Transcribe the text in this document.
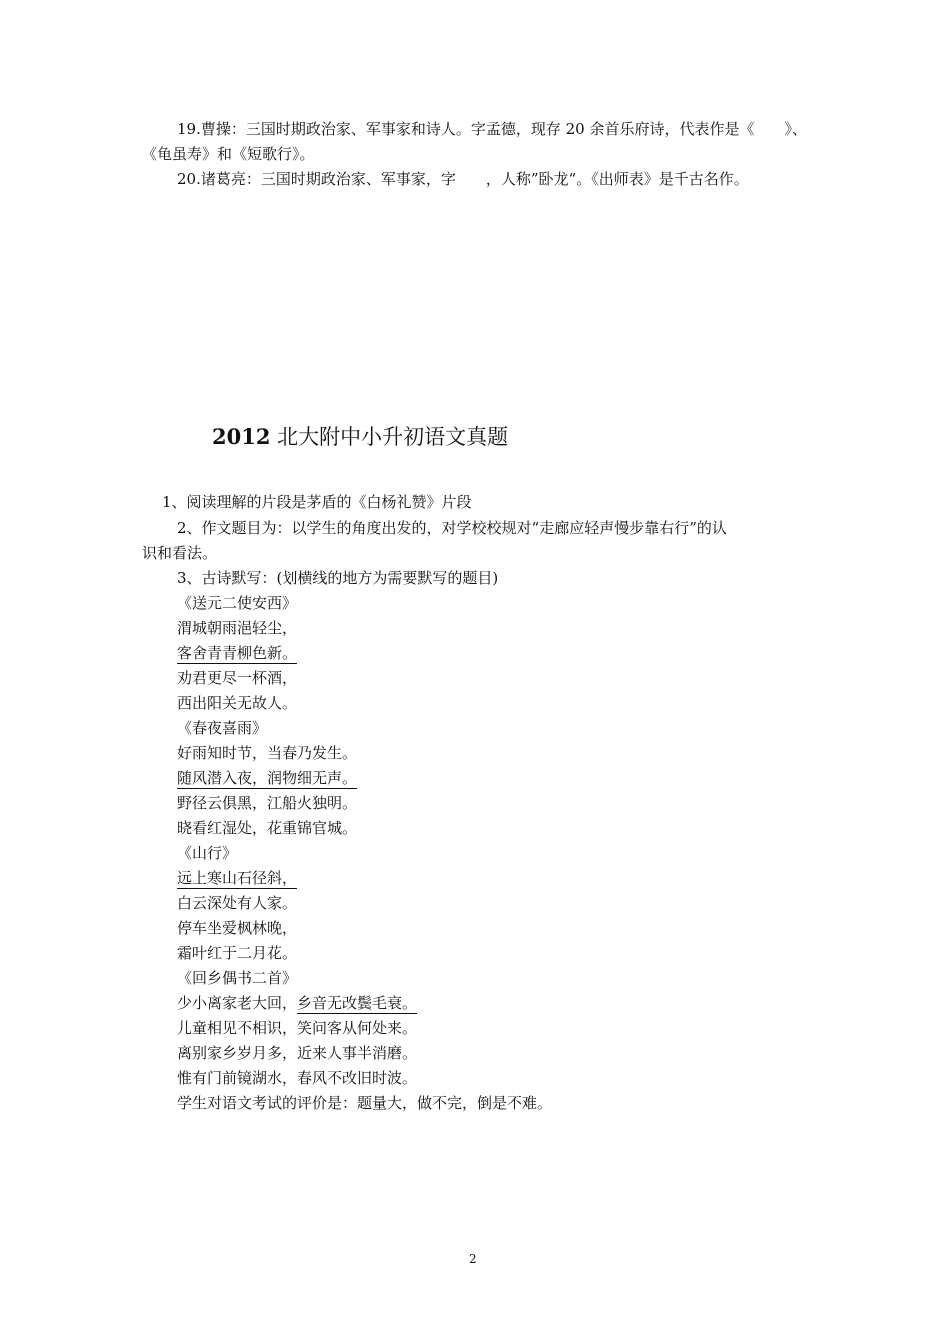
19.曹操：三国时期政治家、军事家和诗人。字孟德，现存 20 余首乐府诗，代表作是《　　》、
《龟虽寿》和《短歌行》。
20.诸葛亮：三国时期政治家、军事家，字　　，人称”卧龙“。《出师表》是千古名作。
2012 北大附中小升初语文真题
1、阅读理解的片段是茅盾的《白杨礼赞》片段
2、作文题目为：以学生的角度出发的，对学校校规对“走廊应轻声慢步靠右行”的认
识和看法。
3、古诗默写：(划横线的地方为需要默写的题目)
《送元二使安西》
渭城朝雨浥轻尘，
客舍青青柳色新。
劝君更尽一杯酒，
西出阳关无故人。
《春夜喜雨》
好雨知时节，当春乃发生。
随风潜入夜，润物细无声。
野径云俱黑，江船火独明。
晓看红湿处，花重锦官城。
《山行》
远上寒山石径斜，
白云深处有人家。
停车坐爱枫林晚，
霜叶红于二月花。
《回乡偶书二首》
少小离家老大回，乡音无改鬓毛衰。
儿童相见不相识，笑问客从何处来。
离别家乡岁月多，近来人事半消磨。
惟有门前镜湖水，春风不改旧时波。
学生对语文考试的评价是：题量大，做不完，倒是不难。
2
